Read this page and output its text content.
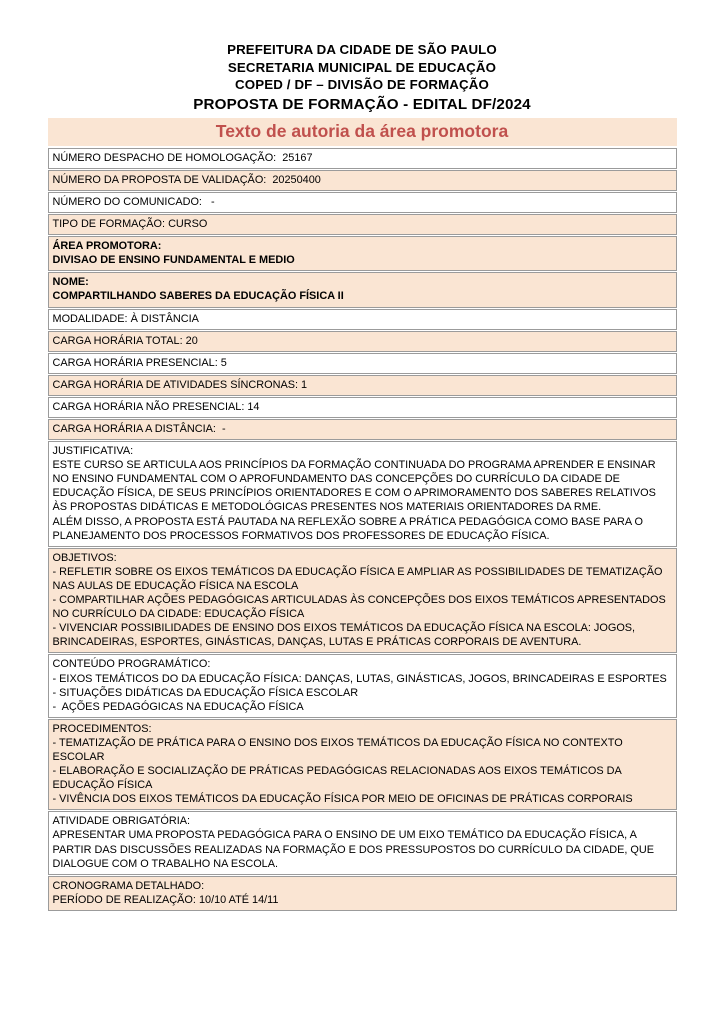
PREFEITURA DA CIDADE DE SÃO PAULO
SECRETARIA MUNICIPAL DE EDUCAÇÃO
COPED / DF – DIVISÃO DE FORMAÇÃO
PROPOSTA DE FORMAÇÃO - EDITAL DF/2024
Texto de autoria da área promotora
NÚMERO DESPACHO DE HOMOLOGAÇÃO:  25167

NÚMERO DA PROPOSTA DE VALIDAÇÃO:  20250400

NÚMERO DO COMUNICADO:   -

TIPO DE FORMAÇÃO: CURSO

ÁREA PROMOTORA:
DIVISAO DE ENSINO FUNDAMENTAL E MEDIO

NOME:
COMPARTILHANDO SABERES DA EDUCAÇÃO FÍSICA II

MODALIDADE: À DISTÂNCIA

CARGA HORÁRIA TOTAL: 20

CARGA HORÁRIA PRESENCIAL: 5

CARGA HORÁRIA DE ATIVIDADES SÍNCRONAS: 1

CARGA HORÁRIA NÃO PRESENCIAL: 14

CARGA HORÁRIA A DISTÂNCIA:  -

JUSTIFICATIVA:
ESTE CURSO SE ARTICULA AOS PRINCÍPIOS DA FORMAÇÃO CONTINUADA DO PROGRAMA APRENDER E ENSINAR
NO ENSINO FUNDAMENTAL COM O APROFUNDAMENTO DAS CONCEPÇÕES DO CURRÍCULO DA CIDADE DE
EDUCAÇÃO FÍSICA, DE SEUS PRINCÍPIOS ORIENTADORES E COM O APRIMORAMENTO DOS SABERES RELATIVOS
ÀS PROPOSTAS DIDÁTICAS E METODOLÓGICAS PRESENTES NOS MATERIAIS ORIENTADORES DA RME.
ALÉM DISSO, A PROPOSTA ESTÁ PAUTADA NA REFLEXÃO SOBRE A PRÁTICA PEDAGÓGICA COMO BASE PARA O
PLANEJAMENTO DOS PROCESSOS FORMATIVOS DOS PROFESSORES DE EDUCAÇÃO FÍSICA.

OBJETIVOS:
- REFLETIR SOBRE OS EIXOS TEMÁTICOS DA EDUCAÇÃO FÍSICA E AMPLIAR AS POSSIBILIDADES DE TEMATIZAÇÃO
NAS AULAS DE EDUCAÇÃO FÍSICA NA ESCOLA
- COMPARTILHAR AÇÕES PEDAGÓGICAS ARTICULADAS ÀS CONCEPÇÕES DOS EIXOS TEMÁTICOS APRESENTADOS
NO CURRÍCULO DA CIDADE: EDUCAÇÃO FÍSICA
- VIVENCIAR POSSIBILIDADES DE ENSINO DOS EIXOS TEMÁTICOS DA EDUCAÇÃO FÍSICA NA ESCOLA: JOGOS,
BRINCADEIRAS, ESPORTES, GINÁSTICAS, DANÇAS, LUTAS E PRÁTICAS CORPORAIS DE AVENTURA.

CONTEÚDO PROGRAMÁTICO:
- EIXOS TEMÁTICOS DO DA EDUCAÇÃO FÍSICA: DANÇAS, LUTAS, GINÁSTICAS, JOGOS, BRINCADEIRAS E ESPORTES
- SITUAÇÕES DIDÁTICAS DA EDUCAÇÃO FÍSICA ESCOLAR
-  AÇÕES PEDAGÓGICAS NA EDUCAÇÃO FÍSICA

PROCEDIMENTOS:
- TEMATIZAÇÃO DE PRÁTICA PARA O ENSINO DOS EIXOS TEMÁTICOS DA EDUCAÇÃO FÍSICA NO CONTEXTO
ESCOLAR
- ELABORAÇÃO E SOCIALIZAÇÃO DE PRÁTICAS PEDAGÓGICAS RELACIONADAS AOS EIXOS TEMÁTICOS DA
EDUCAÇÃO FÍSICA
- VIVÊNCIA DOS EIXOS TEMÁTICOS DA EDUCAÇÃO FÍSICA POR MEIO DE OFICINAS DE PRÁTICAS CORPORAIS

ATIVIDADE OBRIGATÓRIA:
APRESENTAR UMA PROPOSTA PEDAGÓGICA PARA O ENSINO DE UM EIXO TEMÁTICO DA EDUCAÇÃO FÍSICA, A
PARTIR DAS DISCUSSÕES REALIZADAS NA FORMAÇÃO E DOS PRESSUPOSTOS DO CURRÍCULO DA CIDADE, QUE
DIALOGUE COM O TRABALHO NA ESCOLA.

CRONOGRAMA DETALHADO:
PERÍODO DE REALIZAÇÃO: 10/10 ATÉ 14/11
